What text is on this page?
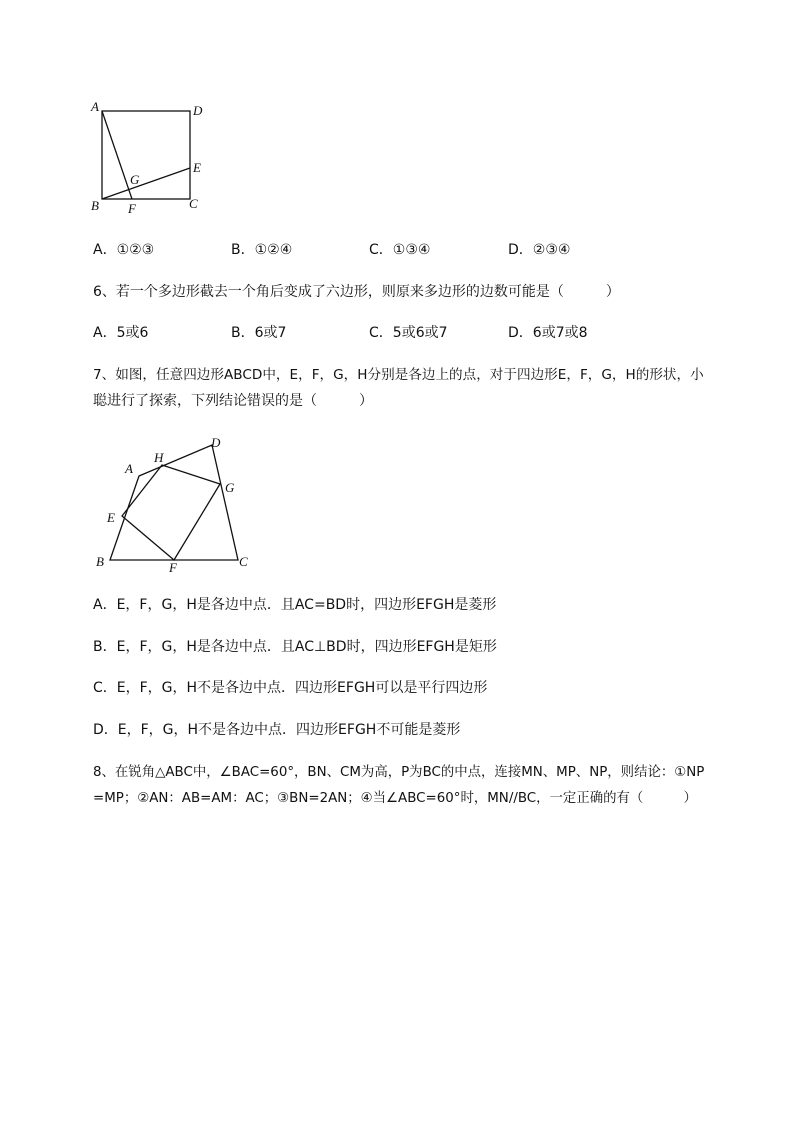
A	D
E
G
B F	C
A．①②③	B．①②④	C．①③④	D．②③④
6、若一个多边形截去一个角后变成了六边形，则原来多边形的边数可能是（　　　）
A．5或6	B．6或7	C．5或6或7	D．6或7或8
7、如图，任意四边形ABCD中，E，F，G，H分别是各边上的点，对于四边形E，F，G，H的形状，小
聪进行了探索，下列结论错误的是（　　　）
A
H
D
G
E
B	F	C
A．E，F，G，H是各边中点．且AC=BD时，四边形EFGH是菱形
B．E，F，G，H是各边中点．且AC⊥BD时，四边形EFGH是矩形
C．E，F，G，H不是各边中点．四边形EFGH可以是平行四边形
D．E，F，G，H不是各边中点．四边形EFGH不可能是菱形
8、在锐角△ABC中，∠BAC=60°，BN、CM为高，P为BC的中点，连接MN、MP、NP，则结论：①NP
=MP；②AN：AB=AM：AC；③BN=2AN；④当∠ABC=60°时，MN//BC，一定正确的有（　　　）
